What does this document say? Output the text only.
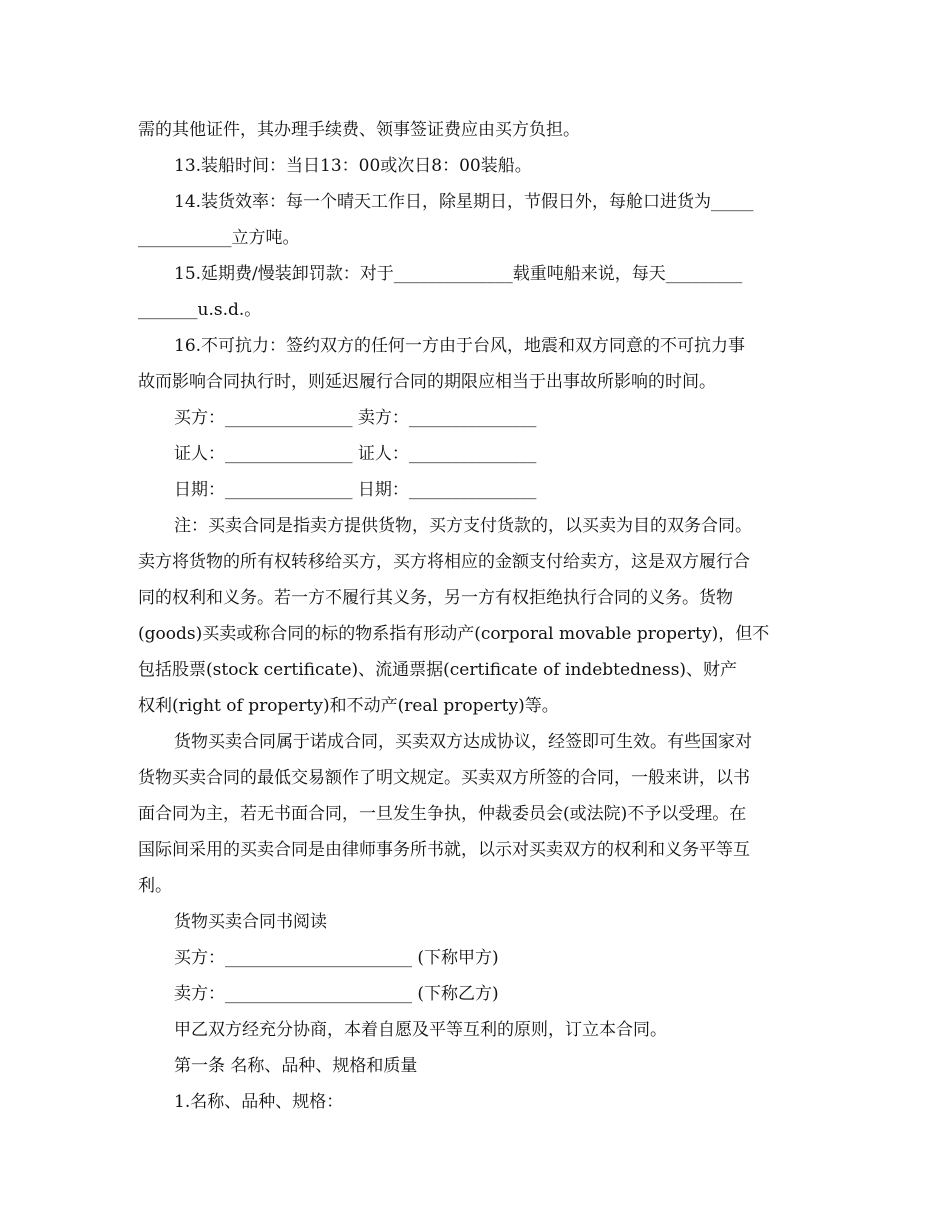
需的其他证件，其办理手续费、领事签证费应由买方负担。
13.装船时间：当日13：00或次日8：00装船。
14.装货效率：每一个晴天工作日，除星期日，节假日外，每舱口进货为_____
___________立方吨。
15.延期费/慢装卸罚款：对于______________载重吨船来说，每天_________
_______u.s.d.。
16.不可抗力：签约双方的任何一方由于台风，地震和双方同意的不可抗力事
故而影响合同执行时，则延迟履行合同的期限应相当于出事故所影响的时间。
买方：_______________ 卖方：_______________
证人：_______________ 证人：_______________
日期：_______________ 日期：_______________
注：买卖合同是指卖方提供货物，买方支付货款的，以买卖为目的双务合同。
卖方将货物的所有权转移给买方，买方将相应的金额支付给卖方，这是双方履行合
同的权利和义务。若一方不履行其义务，另一方有权拒绝执行合同的义务。货物
(goods)买卖或称合同的标的物系指有形动产(corporal movable property)，但不
包括股票(stock certificate)、流通票据(certificate of indebtedness)、财产
权利(right of property)和不动产(real property)等。
货物买卖合同属于诺成合同，买卖双方达成协议，经签即可生效。有些国家对
货物买卖合同的最低交易额作了明文规定。买卖双方所签的合同，一般来讲，以书
面合同为主，若无书面合同，一旦发生争执，仲裁委员会(或法院)不予以受理。在
国际间采用的买卖合同是由律师事务所书就，以示对买卖双方的权利和义务平等互
利。
货物买卖合同书阅读
买方：______________________ (下称甲方)
卖方：______________________ (下称乙方)
甲乙双方经充分协商，本着自愿及平等互利的原则，订立本合同。
第一条 名称、品种、规格和质量
1.名称、品种、规格：
